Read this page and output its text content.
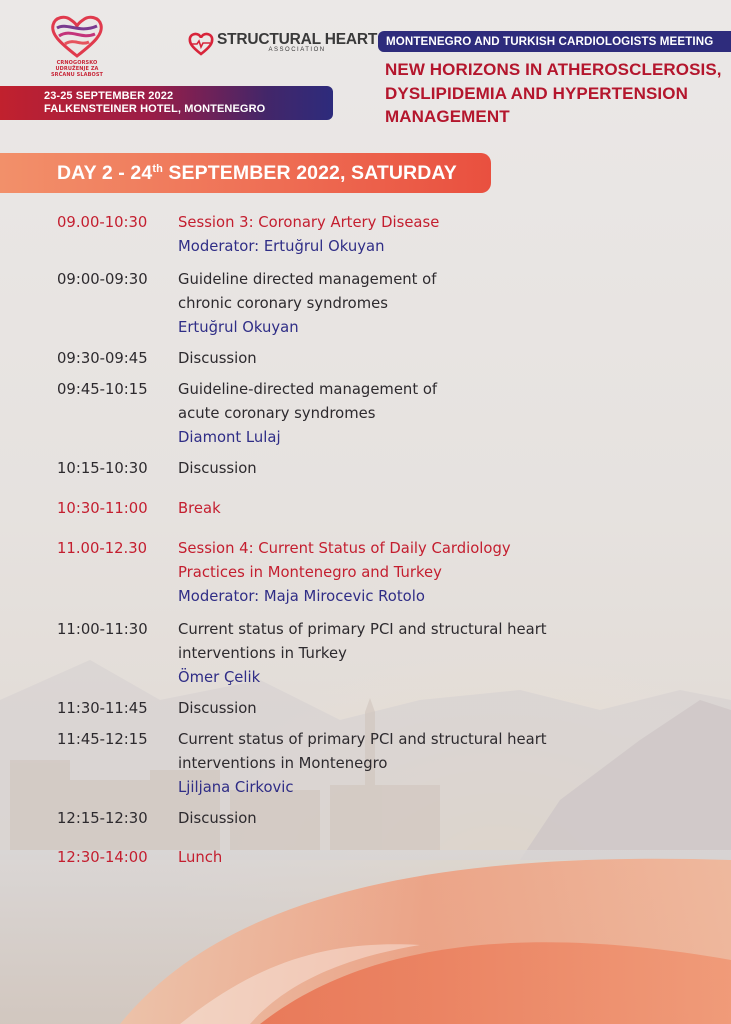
CRNOGORSKO UDRUŽENJE ZA SRČANU SLABOST
STRUCTURAL HEART
ASSOCIATION
23-25 SEPTEMBER 2022
FALKENSTEINER HOTEL, MONTENEGRO
MONTENEGRO AND TURKISH CARDIOLOGISTS MEETING
NEW HORIZONS IN ATHEROSCLEROSIS,
DYSLIPIDEMIA AND HYPERTENSION
MANAGEMENT
DAY 2 - 24th SEPTEMBER 2022, SATURDAY
09.00-10:30 Session 3: Coronary Artery Disease
Moderator: Ertuğrul Okuyan
09:00-09:30 Guideline directed management of
chronic coronary syndromes
Ertuğrul Okuyan
09:30-09:45 Discussion
09:45-10:15 Guideline-directed management of
acute coronary syndromes
Diamont Lulaj
10:15-10:30 Discussion
10:30-11:00 Break
11.00-12.30 Session 4: Current Status of Daily Cardiology
Practices in Montenegro and Turkey
Moderator: Maja Mirocevic Rotolo
11:00-11:30 Current status of primary PCI and structural heart
interventions in Turkey
Ömer Çelik
11:30-11:45 Discussion
11:45-12:15 Current status of primary PCI and structural heart
interventions in Montenegro
Ljiljana Cirkovic
12:15-12:30 Discussion
12:30-14:00 Lunch
